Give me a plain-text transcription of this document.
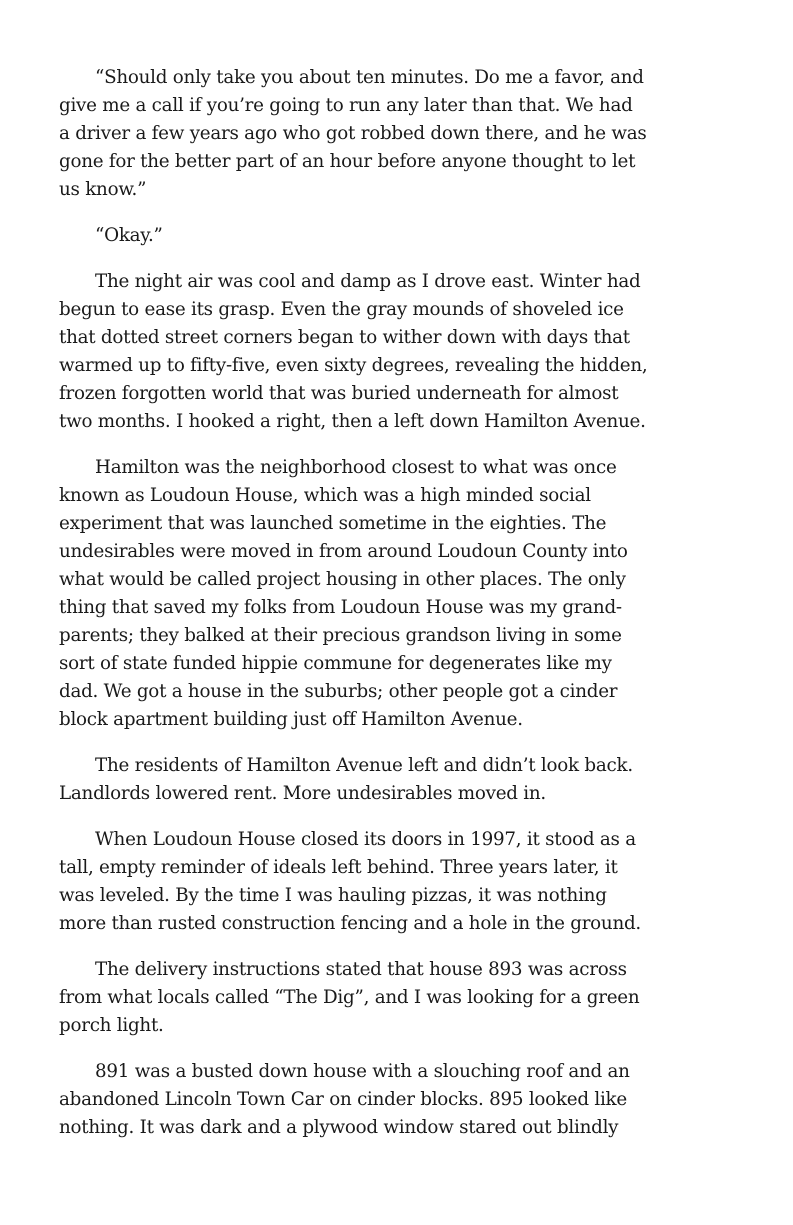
“Should only take you about ten minutes. Do me a favor, and
give me a call if you’re going to run any later than that. We had
a driver a few years ago who got robbed down there, and he was
gone for the better part of an hour before anyone thought to let
us know.”
“Okay.”
The night air was cool and damp as I drove east. Winter had
begun to ease its grasp. Even the gray mounds of shoveled ice
that dotted street corners began to wither down with days that
warmed up to fifty-five, even sixty degrees, revealing the hidden,
frozen forgotten world that was buried underneath for almost
two months. I hooked a right, then a left down Hamilton Avenue.
Hamilton was the neighborhood closest to what was once
known as Loudoun House, which was a high minded social
experiment that was launched sometime in the eighties. The
undesirables were moved in from around Loudoun County into
what would be called project housing in other places. The only
thing that saved my folks from Loudoun House was my grand-
parents; they balked at their precious grandson living in some
sort of state funded hippie commune for degenerates like my
dad. We got a house in the suburbs; other people got a cinder
block apartment building just off Hamilton Avenue.
The residents of Hamilton Avenue left and didn’t look back.
Landlords lowered rent. More undesirables moved in.
When Loudoun House closed its doors in 1997, it stood as a
tall, empty reminder of ideals left behind. Three years later, it
was leveled. By the time I was hauling pizzas, it was nothing
more than rusted construction fencing and a hole in the ground.
The delivery instructions stated that house 893 was across
from what locals called “The Dig”, and I was looking for a green
porch light.
891 was a busted down house with a slouching roof and an
abandoned Lincoln Town Car on cinder blocks. 895 looked like
nothing. It was dark and a plywood window stared out blindly
